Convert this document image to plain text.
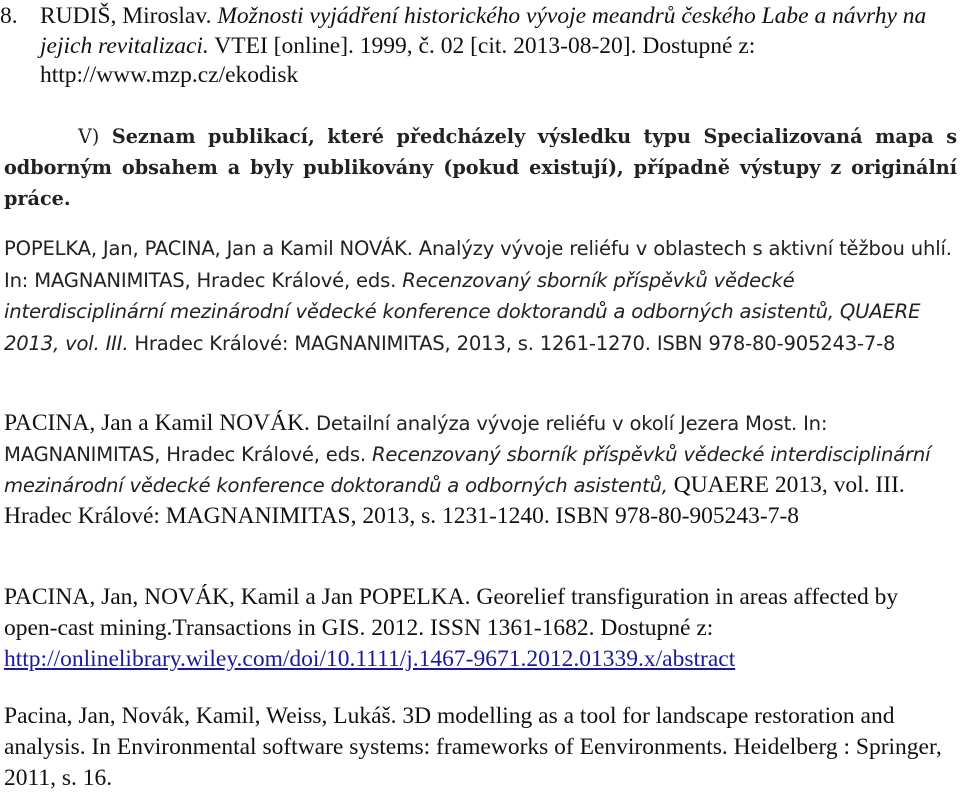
8. RUDIŠ, Miroslav. Možnosti vyjádření historického vývoje meandrů českého Labe a návrhy na jejich revitalizaci. VTEI [online]. 1999, č. 02 [cit. 2013-08-20]. Dostupné z: http://www.mzp.cz/ekodisk

V) Seznam publikací, které předcházely výsledku typu Specializovaná mapa s odborným obsahem a byly publikovány (pokud existují), případně výstupy z originální práce.

POPELKA, Jan, PACINA, Jan a Kamil NOVÁK. Analýzy vývoje reliéfu v oblastech s aktivní těžbou uhlí. In: MAGNANIMITAS, Hradec Králové, eds. Recenzovaný sborník příspěvků vědecké interdisciplinární mezinárodní vědecké konference doktorandů a odborných asistentů, QUAERE 2013, vol. III. Hradec Králové: MAGNANIMITAS, 2013, s. 1261-1270. ISBN 978-80-905243-7-8

PACINA, Jan a Kamil NOVÁK. Detailní analýza vývoje reliéfu v okolí Jezera Most. In: MAGNANIMITAS, Hradec Králové, eds. Recenzovaný sborník příspěvků vědecké interdisciplinární mezinárodní vědecké konference doktorandů a odborných asistentů, QUAERE 2013, vol. III. Hradec Králové: MAGNANIMITAS, 2013, s. 1231-1240. ISBN 978-80-905243-7-8

PACINA, Jan, NOVÁK, Kamil a Jan POPELKA. Georelief transfiguration in areas affected by open-cast mining.Transactions in GIS. 2012. ISSN 1361-1682. Dostupné z: http://onlinelibrary.wiley.com/doi/10.1111/j.1467-9671.2012.01339.x/abstract

Pacina, Jan, Novák, Kamil, Weiss, Lukáš. 3D modelling as a tool for landscape restoration and analysis. In Environmental software systems: frameworks of Eenvironments. Heidelberg : Springer, 2011, s. 16.
